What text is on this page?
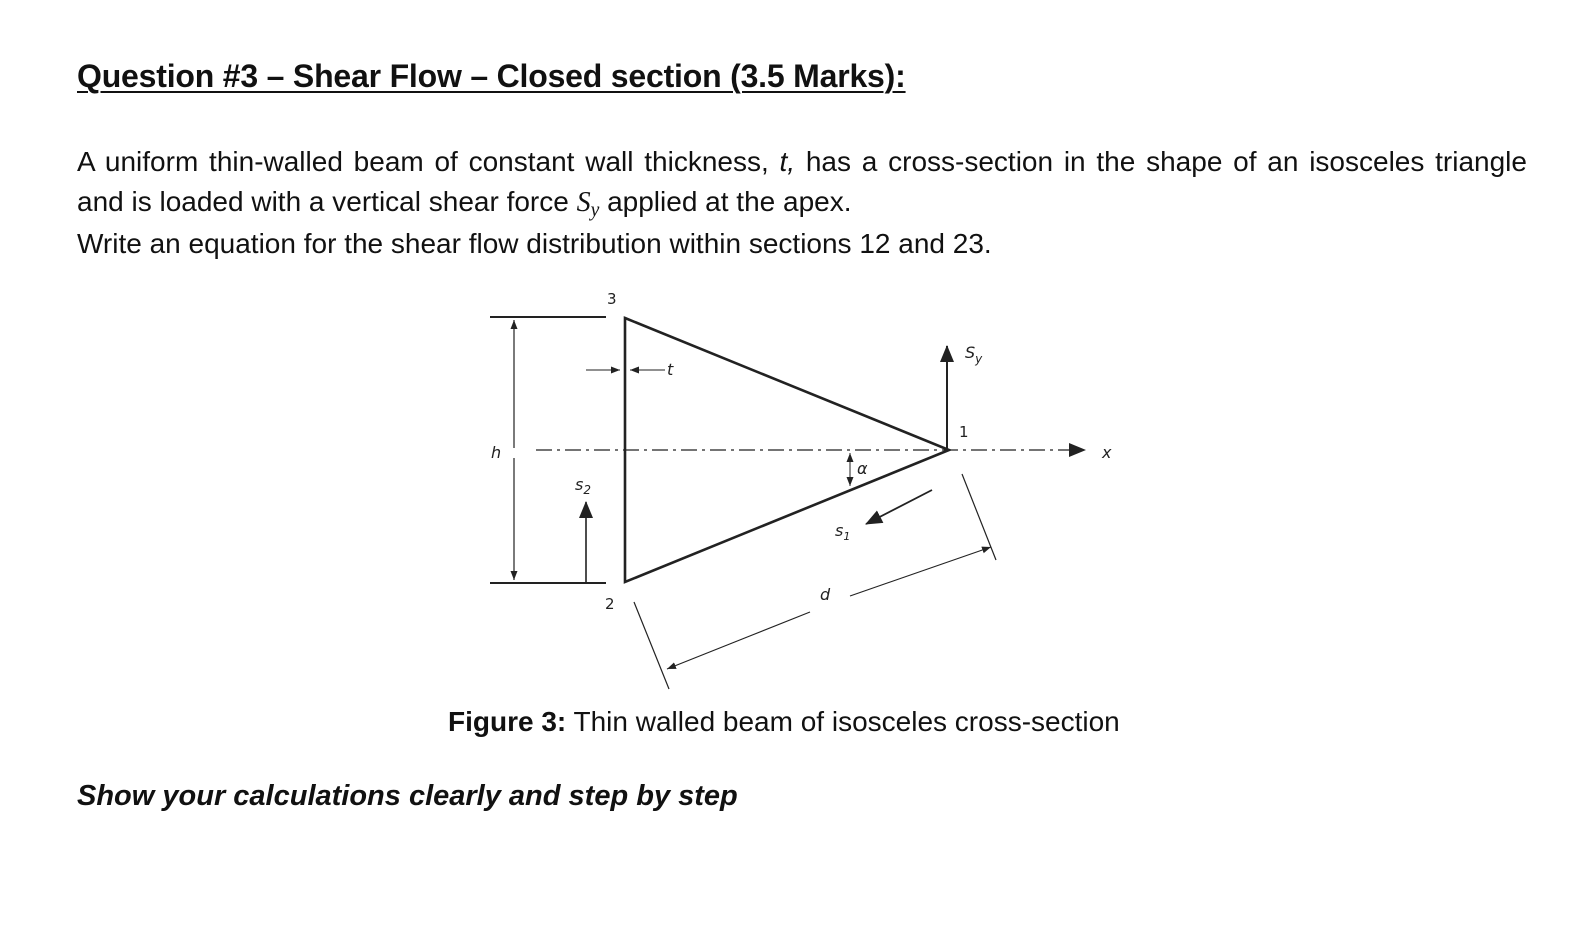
Question #3 – Shear Flow – Closed section (3.5 Marks):

A uniform thin-walled beam of constant wall thickness, t, has a cross-section in the shape of an isosceles triangle and is loaded with a vertical shear force $S_y$ applied at the apex.

Write an equation for the shear flow distribution within sections 12 and 23.

3
2
1
h
t
$s_2$
α
$s_1$
d
$S_y$
x
Figure 3: Thin walled beam of isosceles cross-section
Show your calculations clearly and step by step
